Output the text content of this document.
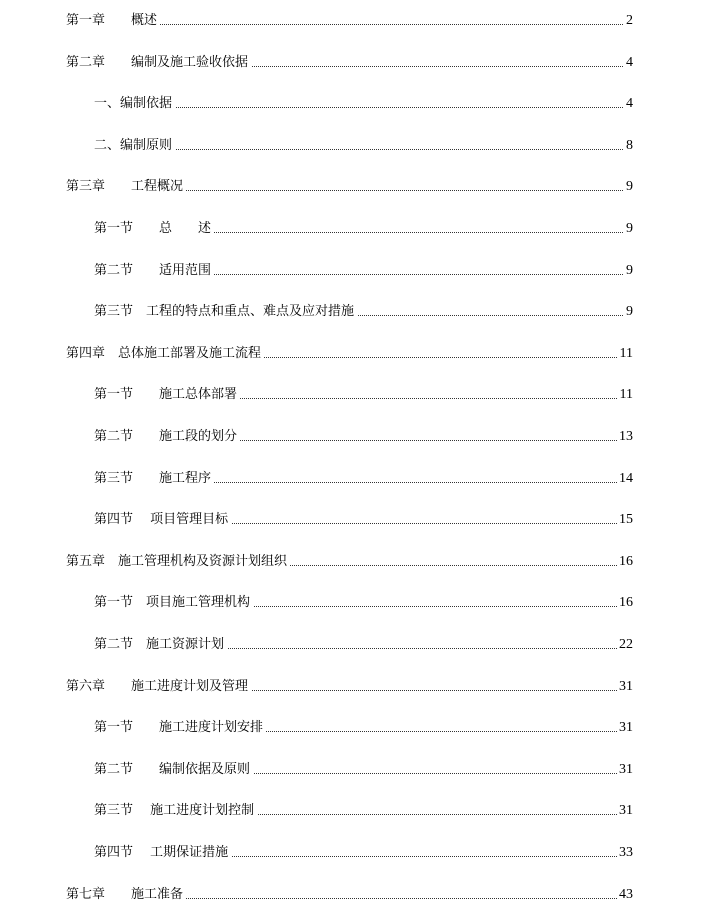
第一章　　概述	2
第二章　　编制及施工验收依据	4
一、编制依据	4
二、编制原则	8
第三章　　工程概况	9
第一节　　总　　述	9
第二节　　适用范围	9
第三节　工程的特点和重点、难点及应对措施	9
第四章　总体施工部署及施工流程	11
第一节　　施工总体部署	11
第二节　　施工段的划分	13
第三节　　施工程序	14
第四节　 项目管理目标	15
第五章　施工管理机构及资源计划组织	16
第一节　项目施工管理机构	16
第二节　施工资源计划	22
第六章　　施工进度计划及管理	31
第一节　　施工进度计划安排	31
第二节　　编制依据及原则	31
第三节　 施工进度计划控制	31
第四节　 工期保证措施	33
第七章　　施工准备	43
